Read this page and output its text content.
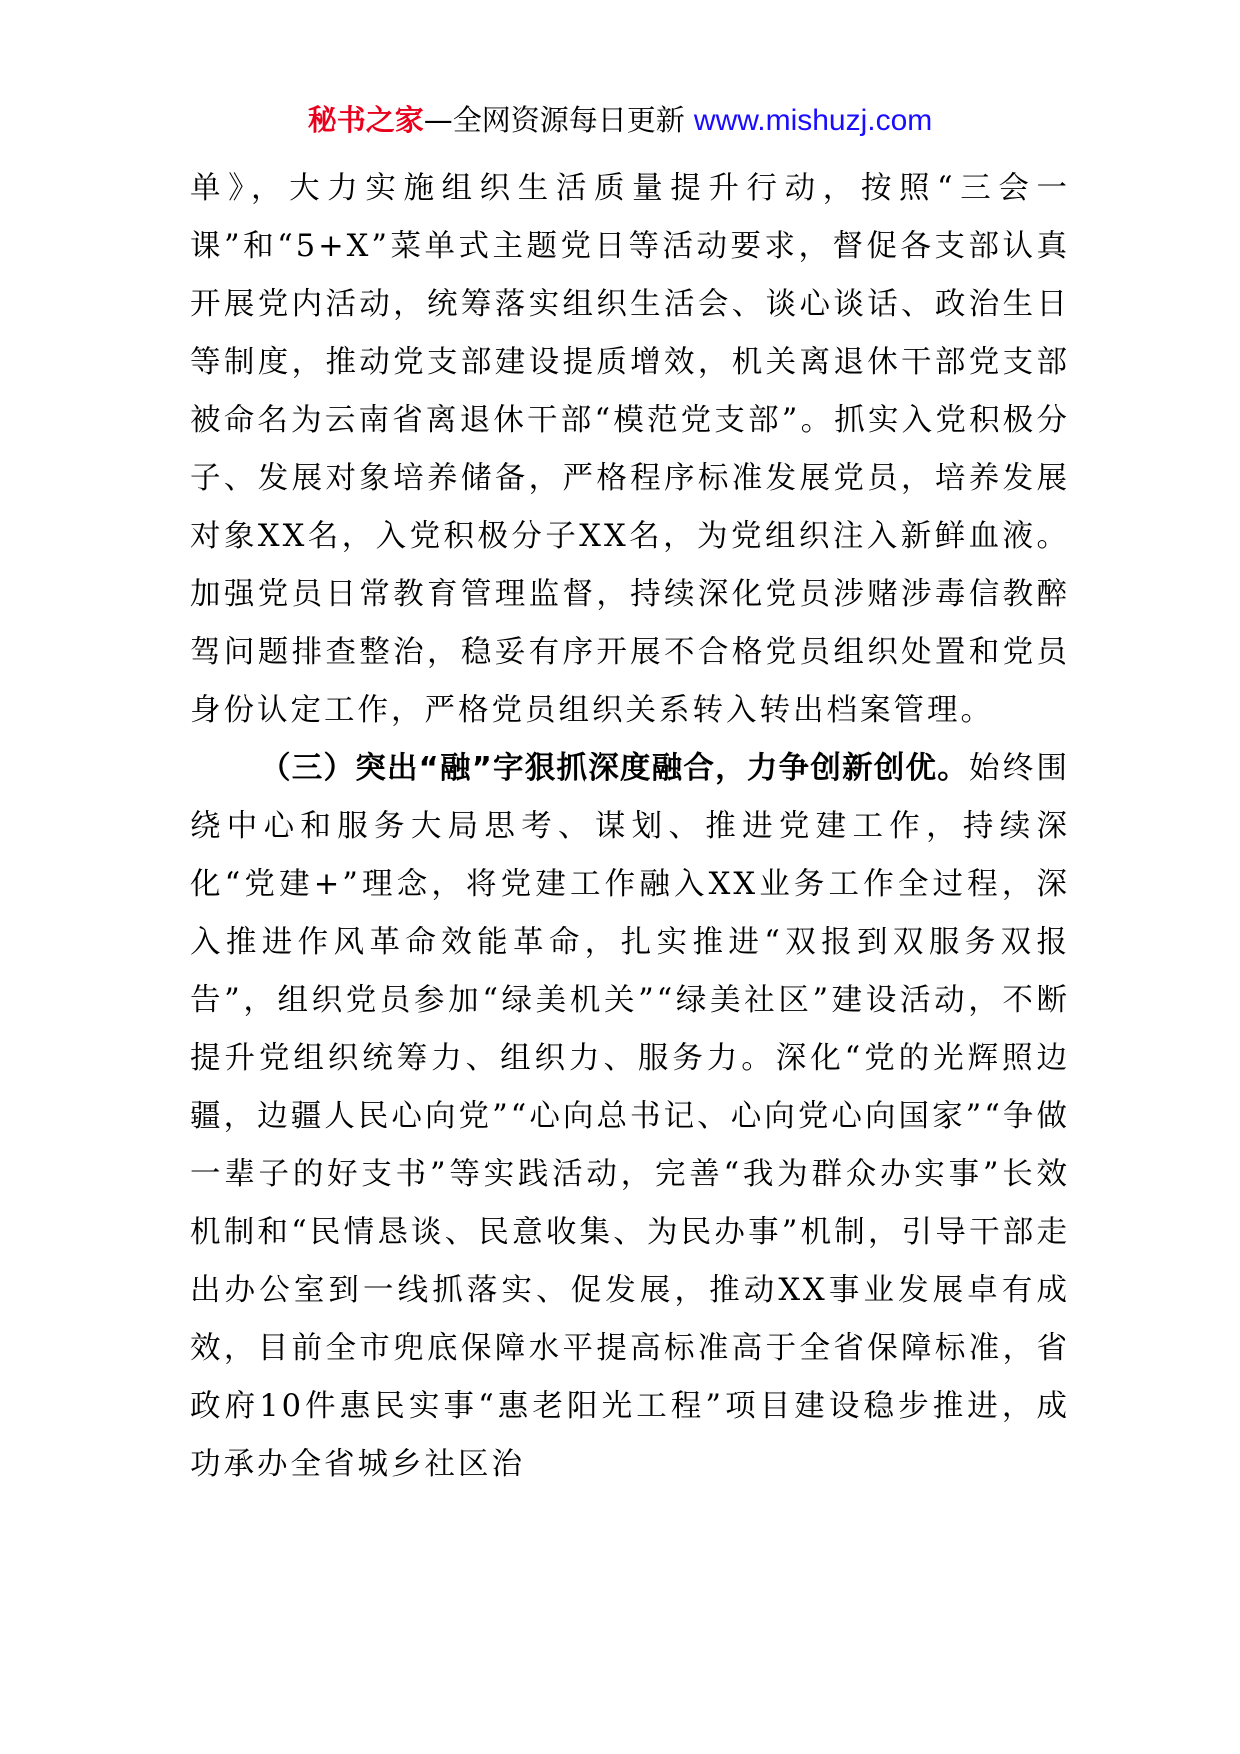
秘书之家—全网资源每日更新 www.mishuzj.com

单》，大力实施组织生活质量提升行动，按照“三会一课”和“5+X”菜单式主题党日等活动要求，督促各支部认真开展党内活动，统筹落实组织生活会、谈心谈话、政治生日等制度，推动党支部建设提质增效，机关离退休干部党支部被命名为云南省离退休干部“模范党支部”。抓实入党积极分子、发展对象培养储备，严格程序标准发展党员，培养发展对象XX名，入党积极分子XX名，为党组织注入新鲜血液。加强党员日常教育管理监督，持续深化党员涉赌涉毒信教醉驾问题排查整治，稳妥有序开展不合格党员组织处置和党员身份认定工作，严格党员组织关系转入转出档案管理。

（三）突出“融”字狠抓深度融合，力争创新创优。始终围绕中心和服务大局思考、谋划、推进党建工作，持续深化“党建+”理念，将党建工作融入XX业务工作全过程，深入推进作风革命效能革命，扎实推进“双报到双服务双报告”，组织党员参加“绿美机关”“绿美社区”建设活动，不断提升党组织统筹力、组织力、服务力。深化“党的光辉照边疆，边疆人民心向党”“心向总书记、心向党心向国家”“争做一辈子的好支书”等实践活动，完善“我为群众办实事”长效机制和“民情恳谈、民意收集、为民办事”机制，引导干部走出办公室到一线抓落实、促发展，推动XX事业发展卓有成效，目前全市兜底保障水平提高标准高于全省保障标准，省政府10件惠民实事“惠老阳光工程”项目建设稳步推进，成功承办全省城乡社区治
